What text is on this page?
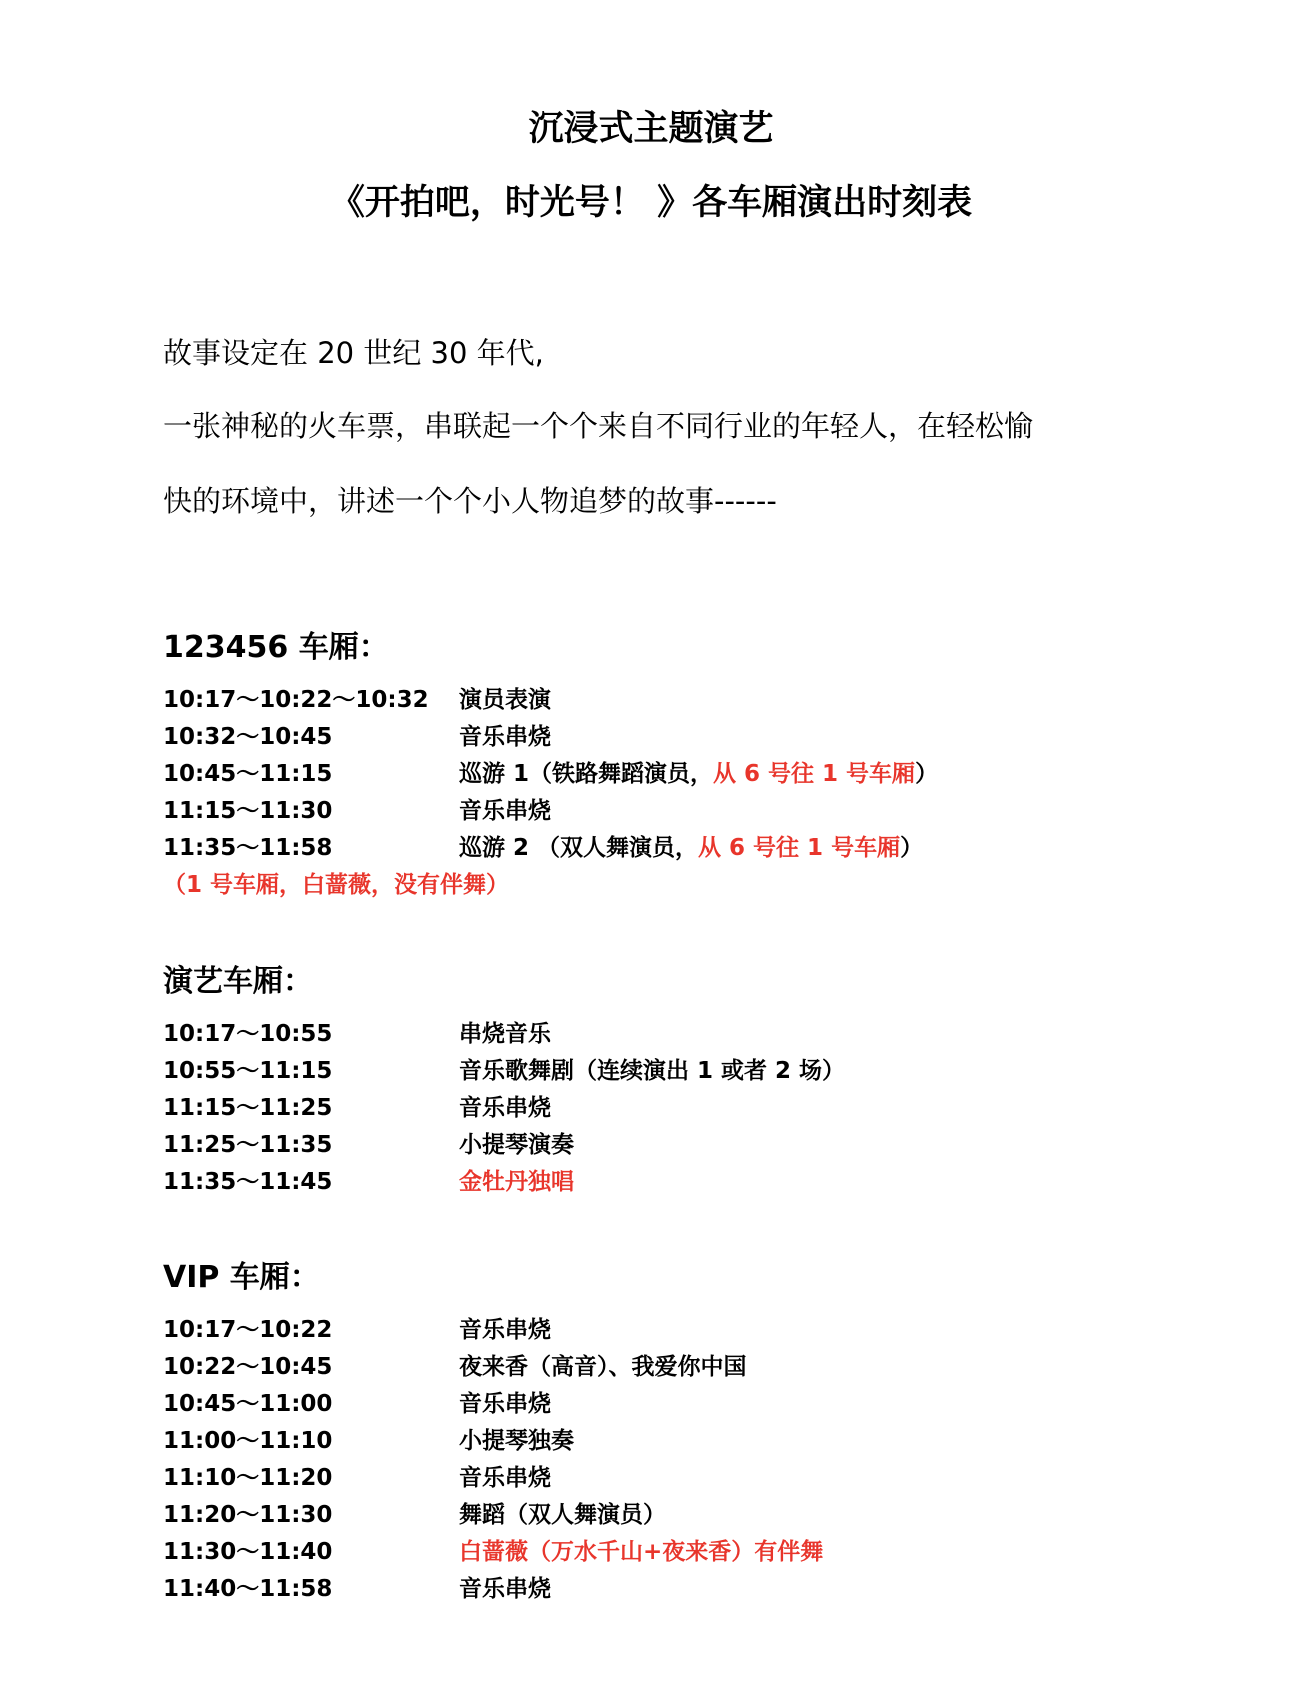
沉浸式主题演艺
《开拍吧，时光号！ 》各车厢演出时刻表
故事设定在 20 世纪 30 年代,
一张神秘的火车票，串联起一个个来自不同行业的年轻人，在轻松愉
快的环境中，讲述一个个小人物追梦的故事------
123456 车厢：
10:17～10:22～10:32 演员表演
10:32～10:45	音乐串烧
10:45～11:15	巡游 1（铁路舞蹈演员，从 6 号往 1 号车厢）
11:15～11:30	音乐串烧
11:35～11:58	巡游 2 （双人舞演员，从 6 号往 1 号车厢）
（1 号车厢，白蔷薇，没有伴舞）
演艺车厢：
10:17～10:55	串烧音乐
10:55～11:15	音乐歌舞剧（连续演出 1 或者 2 场）
11:15～11:25	音乐串烧
11:25～11:35	小提琴演奏
11:35～11:45	金牡丹独唱
VIP 车厢：
10:17～10:22	音乐串烧
10:22～10:45	夜来香（高音）、我爱你中国
10:45～11:00	音乐串烧
11:00～11:10	小提琴独奏
11:10～11:20	音乐串烧
11:20～11:30	舞蹈（双人舞演员）
11:30～11:40	白蔷薇（万水千山+夜来香）有伴舞
11:40～11:58	音乐串烧
